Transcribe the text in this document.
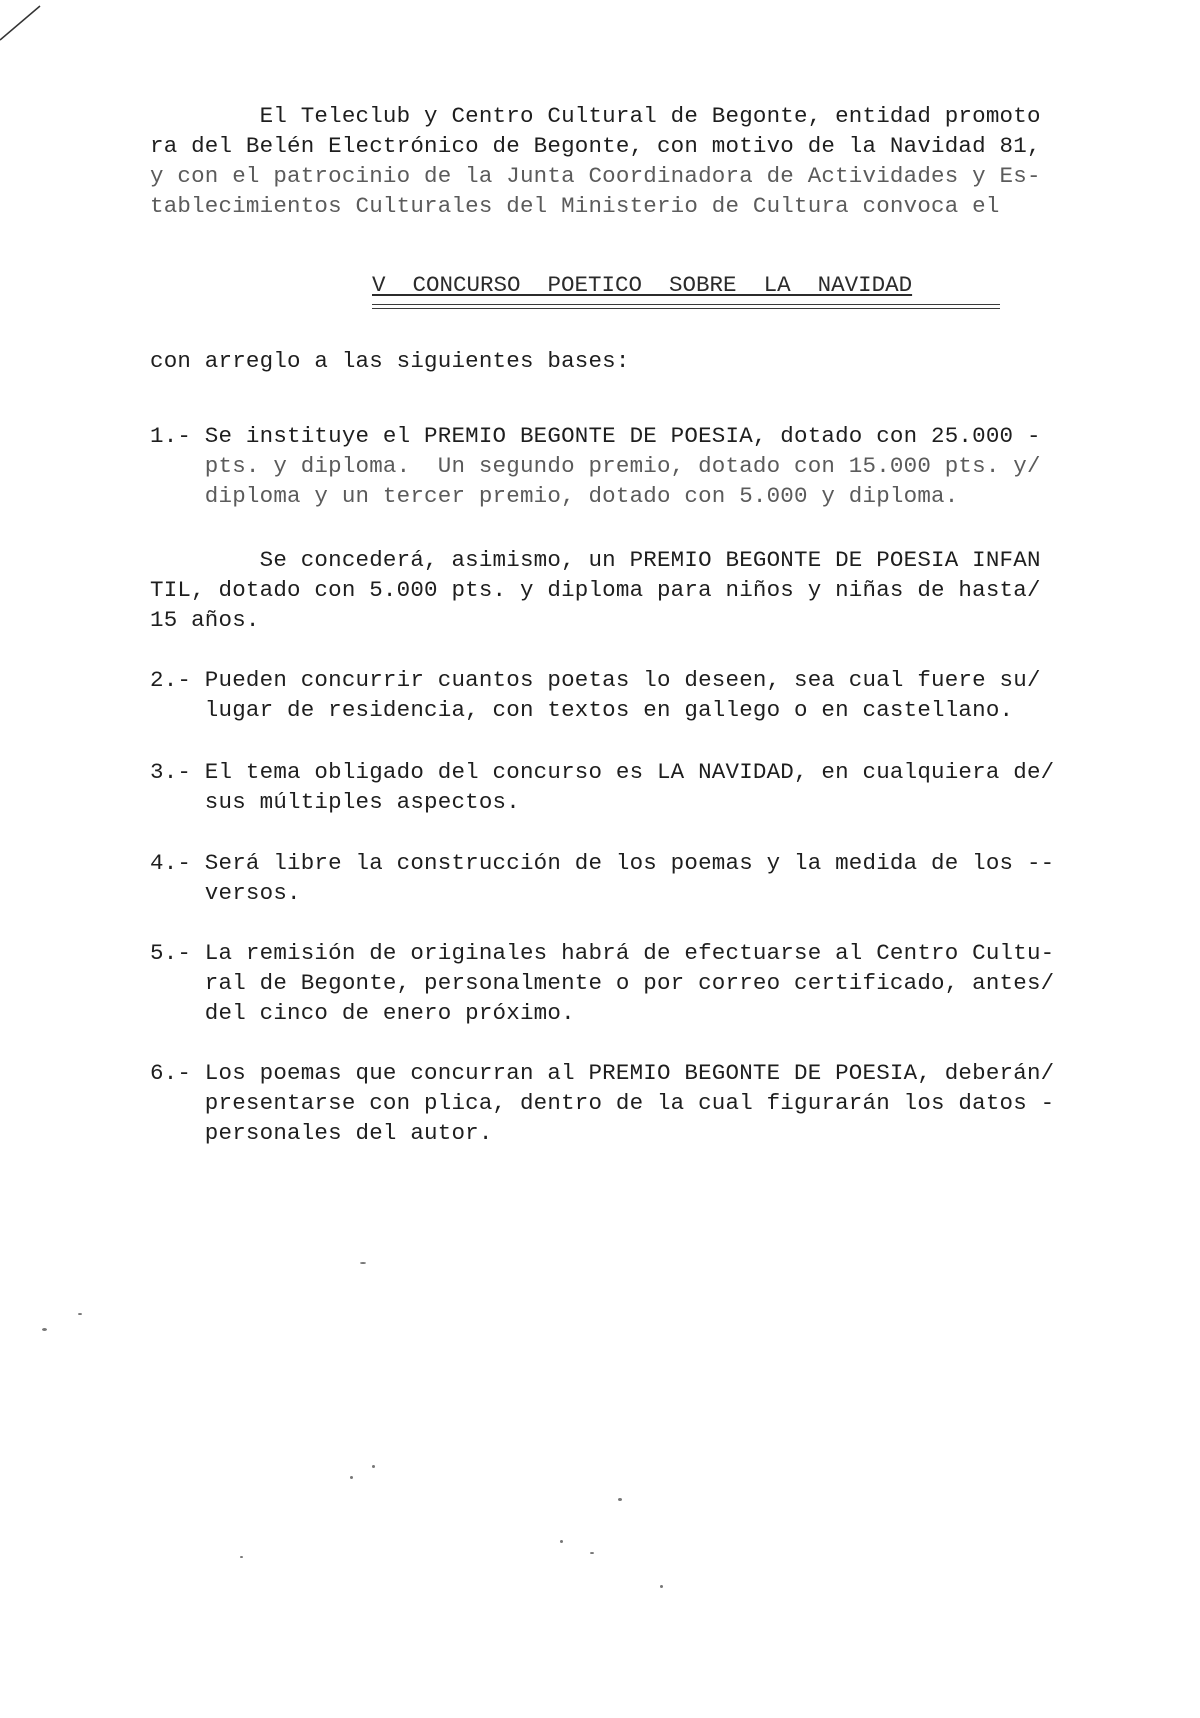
El Teleclub y Centro Cultural de Begonte, entidad promoto
ra del Belén Electrónico de Begonte, con motivo de la Navidad 81,
y con el patrocinio de la Junta Coordinadora de Actividades y Es-
tablecimientos Culturales del Ministerio de Cultura convoca el
V  CONCURSO  POETICO  SOBRE  LA  NAVIDAD
con arreglo a las siguientes bases:
1.- Se instituye el PREMIO BEGONTE DE POESIA, dotado con 25.000 -
pts. y diploma.  Un segundo premio, dotado con 15.000 pts. y/
diploma y un tercer premio, dotado con 5.000 y diploma.
Se concederá, asimismo, un PREMIO BEGONTE DE POESIA INFAN
TIL, dotado con 5.000 pts. y diploma para niños y niñas de hasta/
15 años.
2.- Pueden concurrir cuantos poetas lo deseen, sea cual fuere su/
lugar de residencia, con textos en gallego o en castellano.
3.- El tema obligado del concurso es LA NAVIDAD, en cualquiera de/
sus múltiples aspectos.
4.- Será libre la construcción de los poemas y la medida de los --
versos.
5.- La remisión de originales habrá de efectuarse al Centro Cultu-
ral de Begonte, personalmente o por correo certificado, antes/
del cinco de enero próximo.
6.- Los poemas que concurran al PREMIO BEGONTE DE POESIA, deberán/
presentarse con plica, dentro de la cual figurarán los datos -
personales del autor.
